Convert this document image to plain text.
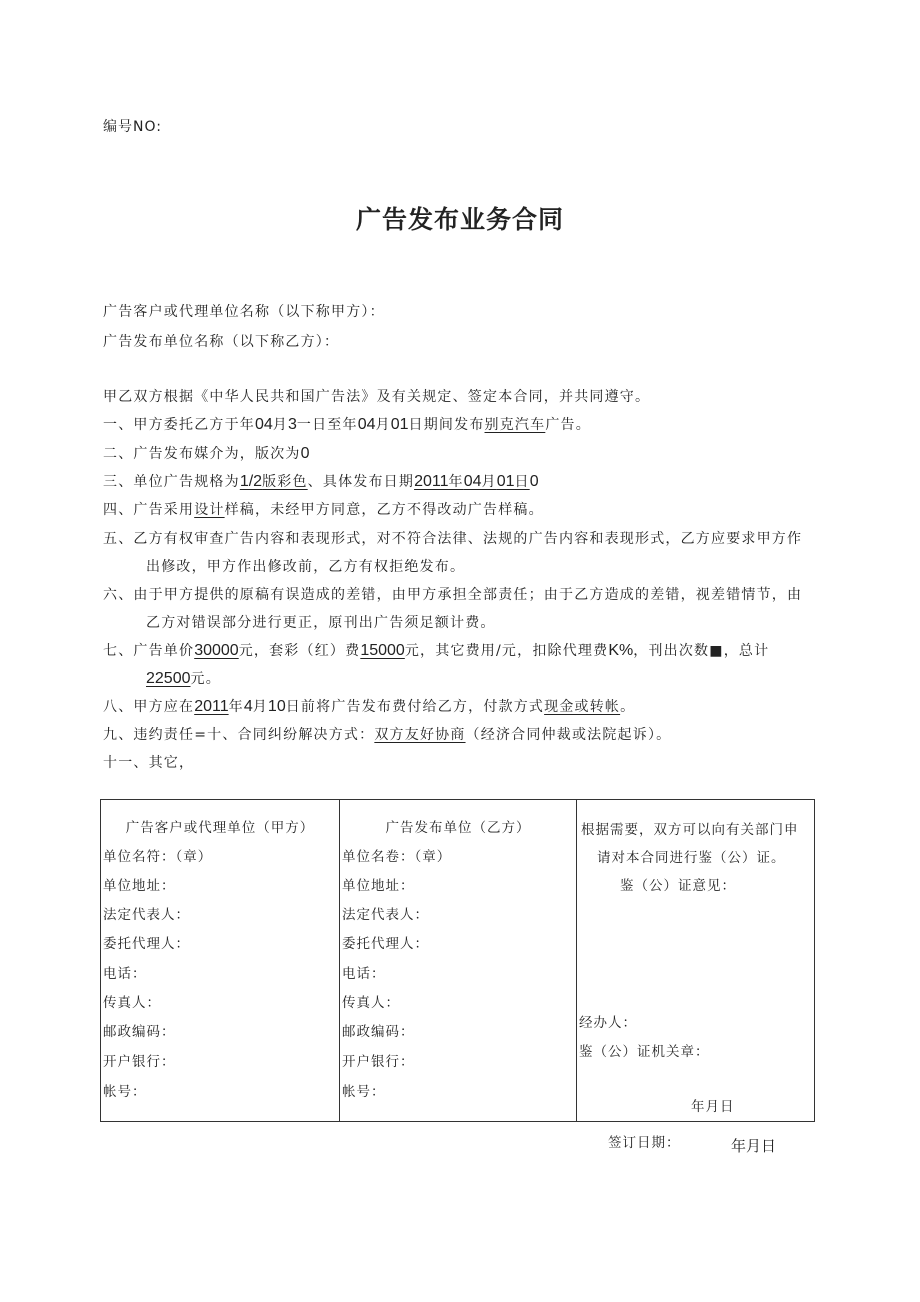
编号NO:
广告发布业务合同
广告客户或代理单位名称（以下称甲方）：
广告发布单位名称（以下称乙方）：
甲乙双方根据《中华人民共和国广告法》及有关规定、签定本合同，并共同遵守。
一、甲方委托乙方于年04月3一日至年04月01日期间发布别克汽车广告。
二、广告发布媒介为，版次为0
三、单位广告规格为1/2版彩色、具体发布日期2011年04月01日0
四、广告采用设计样稿，未经甲方同意，乙方不得改动广告样稿。
五、乙方有权审查广告内容和表现形式，对不符合法律、法规的广告内容和表现形式，乙方应要求甲方作
出修改，甲方作出修改前，乙方有权拒绝发布。
六、由于甲方提供的原稿有误造成的差错，由甲方承担全部责任；由于乙方造成的差错，视差错情节，由
乙方对错误部分进行更正，原刊出广告须足额计费。
七、广告单价30000元，套彩（红）费15000元，其它费用/元，扣除代理费K%，刊出次数■，总计
22500元。
八、甲方应在2011年4月10日前将广告发布费付给乙方，付款方式现金或转帐。
九、违约责任=十、合同纠纷解决方式：双方友好协商（经济合同仲裁或法院起诉）。
十一、其它，
广告客户或代理单位（甲方）
单位名符：（章）
单位地址：
法定代表人：
委托代理人：
电话：
传真人：
邮政编码：
开户银行：
帐号：

广告发布单位（乙方）
单位名卷：（章）
单位地址：
法定代表人：
委托代理人：
电话：
传真人：
邮政编码：
开户银行：
帐号：

根据需要，双方可以向有关部门申
请对本合同进行鉴（公）证。
鉴（公）证意见：
经办人：
鉴（公）证机关章：
年月日
签订日期：	年月日
